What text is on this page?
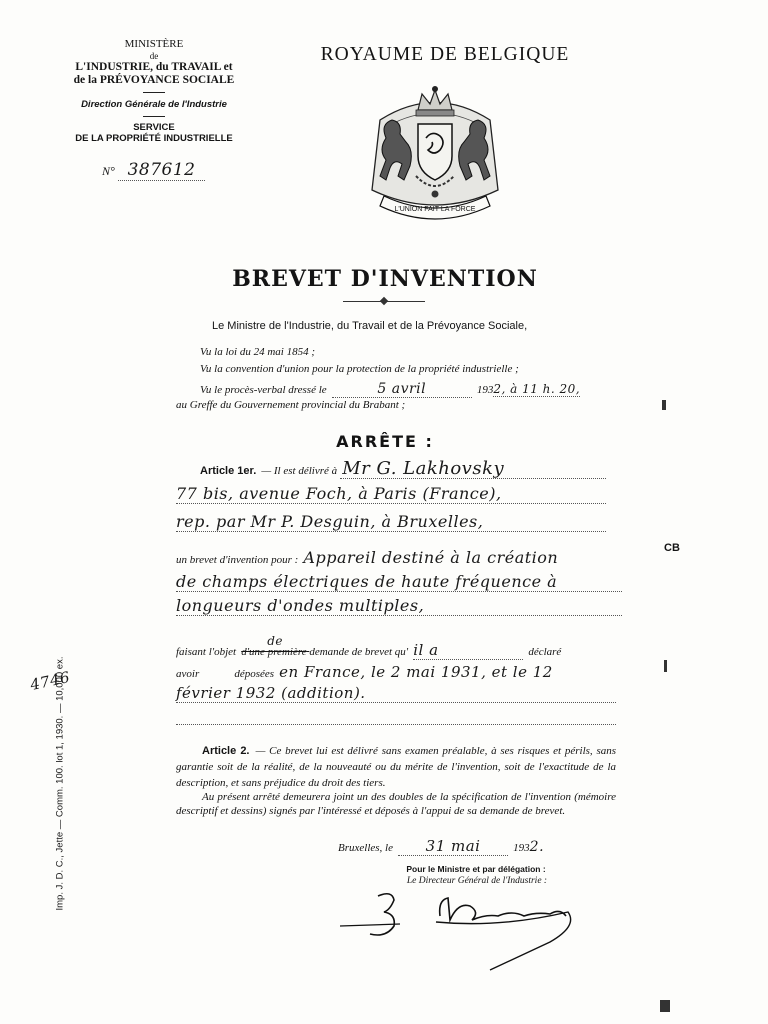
Imp. J. D. C., Jette — Comm. 100. lot 1, 1930. — 10,000 ex.
4746
CB
MINISTÈRE
de
L'INDUSTRIE, du TRAVAIL et
de la PRÉVOYANCE SOCIALE
Direction Générale de l'Industrie
SERVICE
DE LA PROPRIÉTÉ INDUSTRIELLE
N° 387612
ROYAUME DE BELGIQUE
L'UNION FAIT LA FORCE
BREVET D'INVENTION
Le Ministre de l'Industrie, du Travail et de la Prévoyance Sociale,
Vu la loi du 24 mai 1854 ;
Vu la convention d'union pour la protection de la propriété industrielle ;
Vu le procès-verbal dressé le	5 avril	1932, à 11 h. 20,
au Greffe du Gouvernement provincial du Brabant ;
ARRÊTE :
Article 1er. — Il est délivré à Mr G. Lakhovsky
77 bis, avenue Foch, à Paris (France),
rep. par Mr P. Desguin, à Bruxelles,
un brevet d'invention pour : Appareil destiné à la création
de champs électriques de haute fréquence à
longueurs d'ondes multiples,
faisant l'objet d'une première
de
demande de brevet qu' il a	déclaré
avoir	déposées en France, le 2 mai 1931, et le 12
février 1932 (addition).
Article 2. — Ce brevet lui est délivré sans examen préalable, à ses risques et périls, sans garantie soit de la réalité, de la nouveauté ou du mérite de l'invention, soit de l'exactitude de la description, et sans préjudice du droit des tiers.
Au présent arrêté demeurera joint un des doubles de la spécification de l'invention (mémoire descriptif et dessins) signés par l'intéressé et déposés à l'appui de sa demande de brevet.
Bruxelles, le 31 mai	1932.
Pour le Ministre et par délégation :
Le Directeur Général de l'Industrie :
